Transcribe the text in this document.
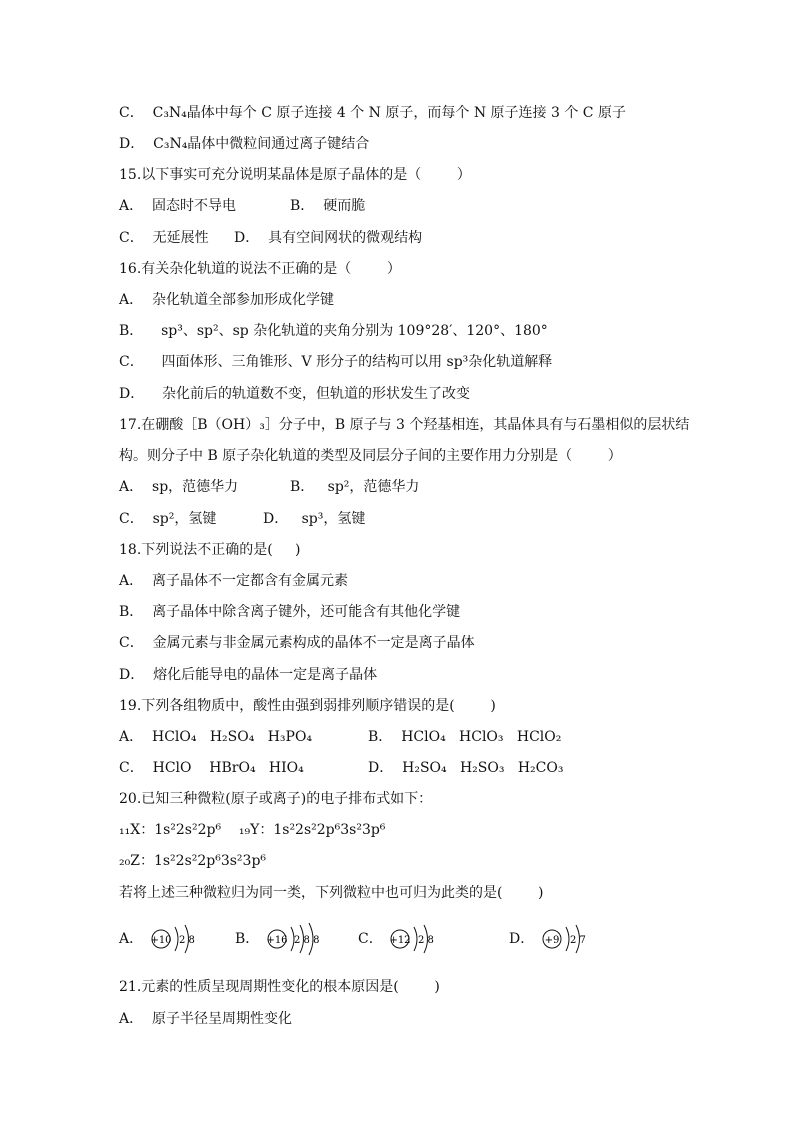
C．  C₃N₄晶体中每个 C 原子连接 4 个 N 原子，而每个 N 原子连接 3 个 C 原子
D．  C₃N₄晶体中微粒间通过离子键结合
15.以下事实可充分说明某晶体是原子晶体的是（        ）
A．  固态时不导电	B．  硬而脆
C．  无延展性 D．  具有空间网状的微观结构
16.有关杂化轨道的说法不正确的是（        ）
A．  杂化轨道全部参加形成化学键
B．    sp³、sp²、sp 杂化轨道的夹角分别为 109°28′、120°、180°
C．    四面体形、三角锥形、V 形分子的结构可以用 sp³杂化轨道解释
D．    杂化前后的轨道数不变，但轨道的形状发生了改变
17.在硼酸［B（OH）₃］分子中，B 原子与 3 个羟基相连，其晶体具有与石墨相似的层状结
构。则分子中 B 原子杂化轨道的类型及同层分子间的主要作用力分别是（        ）
A．  sp，范德华力	B．   sp²，范德华力
C．  sp²，氢键	D．   sp³，氢键
18.下列说法不正确的是(     )
A．  离子晶体不一定都含有金属元素
B．  离子晶体中除含离子键外，还可能含有其他化学键
C．  金属元素与非金属元素构成的晶体不一定是离子晶体
D．  熔化后能导电的晶体一定是离子晶体
19.下列各组物质中，酸性由强到弱排列顺序错误的是(        )
A．  HClO₄   H₂SO₄   H₃PO₄	B．  HClO₄   HClO₃   HClO₂
C．  HClO    HBrO₄   HIO₄	D．  H₂SO₄   H₂SO₃   H₂CO₃
20.已知三种微粒(原子或离子)的电子排布式如下：
₁₁X：1s²2s²2p⁶    ₁₉Y：1s²2s²2p⁶3s²3p⁶
₂₀Z：1s²2s²2p⁶3s²3p⁶
若将上述三种微粒归为同一类，下列微粒中也可归为此类的是(        )
A． +10 2 8	B． +16 2 8 8	C． +12 2 8	D． +9 2 7
21.元素的性质呈现周期性变化的根本原因是(        )
A．  原子半径呈周期性变化
